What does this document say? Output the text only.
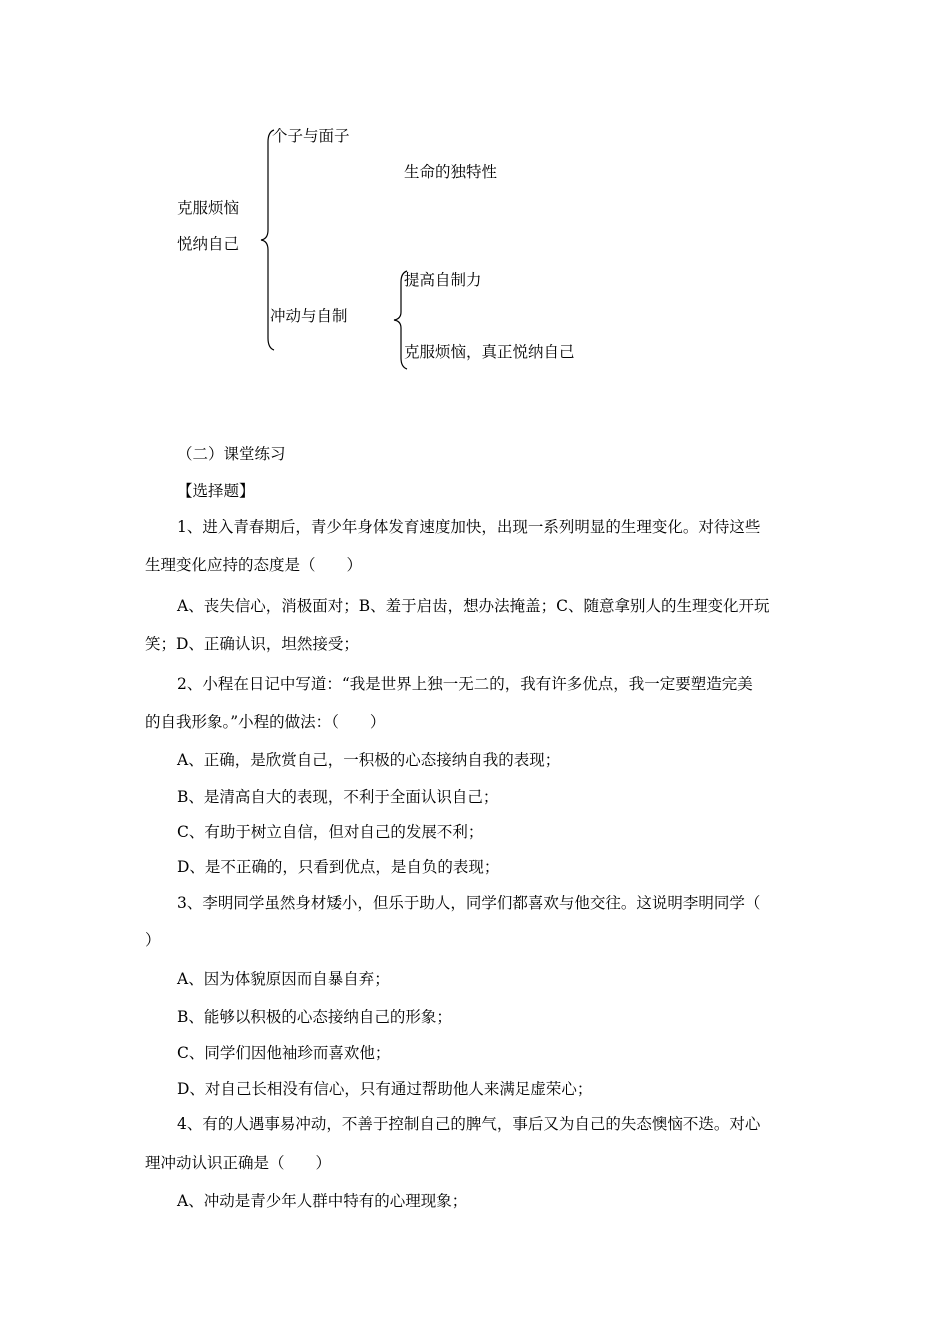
克服烦恼
悦纳自己
个子与面子
生命的独特性
冲动与自制
提高自制力
克服烦恼，真正悦纳自己
（二）课堂练习
【选择题】
1、进入青春期后，青少年身体发育速度加快，出现一系列明显的生理变化。对待这些
生理变化应持的态度是（　　）
A、丧失信心，消极面对；B、羞于启齿，想办法掩盖；C、随意拿别人的生理变化开玩
笑；D、正确认识，坦然接受；
2、小程在日记中写道：“我是世界上独一无二的，我有许多优点，我一定要塑造完美
的自我形象。”小程的做法：（　　）
A、正确，是欣赏自己，一积极的心态接纳自我的表现；
B、是清高自大的表现，不利于全面认识自己；
C、有助于树立自信，但对自己的发展不利；
D、是不正确的，只看到优点，是自负的表现；
3、李明同学虽然身材矮小，但乐于助人，同学们都喜欢与他交往。这说明李明同学（
）
A、因为体貌原因而自暴自弃；
B、能够以积极的心态接纳自己的形象；
C、同学们因他袖珍而喜欢他；
D、对自己长相没有信心，只有通过帮助他人来满足虚荣心；
4、有的人遇事易冲动，不善于控制自己的脾气，事后又为自己的失态懊恼不迭。对心
理冲动认识正确是（　　）
A、冲动是青少年人群中特有的心理现象；
